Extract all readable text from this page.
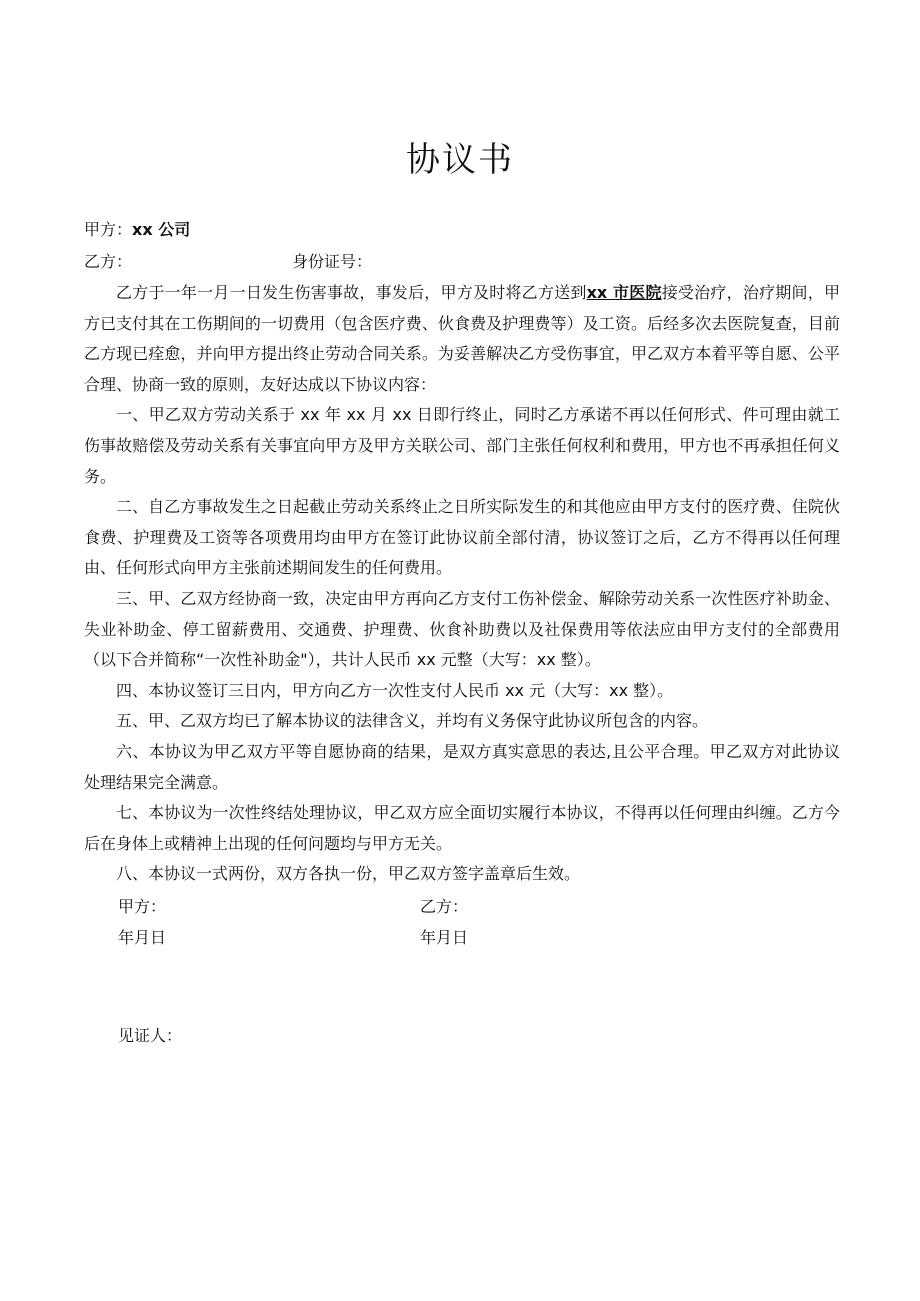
协议书
甲方：xx 公司
乙方：	身份证号：

乙方于一年一月一日发生伤害事故，事发后，甲方及时将乙方送到xx 市医院接受治疗，治疗期间，甲方已支付其在工伤期间的一切费用（包含医疗费、伙食费及护理费等）及工资。后经多次去医院复查，目前乙方现已痊愈，并向甲方提出终止劳动合同关系。为妥善解决乙方受伤事宜，甲乙双方本着平等自愿、公平合理、协商一致的原则，友好达成以下协议内容：

一、甲乙双方劳动关系于 xx 年 xx 月 xx 日即行终止，同时乙方承诺不再以任何形式、件可理由就工伤事故赔偿及劳动关系有关事宜向甲方及甲方关联公司、部门主张任何权利和费用，甲方也不再承担任何义务。

二、自乙方事故发生之日起截止劳动关系终止之日所实际发生的和其他应由甲方支付的医疗费、住院伙食费、护理费及工资等各项费用均由甲方在签订此协议前全部付清，协议签订之后，乙方不得再以任何理由、任何形式向甲方主张前述期间发生的任何费用。

三、甲、乙双方经协商一致，决定由甲方再向乙方支付工伤补偿金、解除劳动关系一次性医疗补助金、失业补助金、停工留薪费用、交通费、护理费、伙食补助费以及社保费用等依法应由甲方支付的全部费用（以下合并简称“一次性补助金"），共计人民币 xx 元整（大写：xx 整）。

四、本协议签订三日内，甲方向乙方一次性支付人民币 xx 元（大写：xx 整）。

五、甲、乙双方均已了解本协议的法律含义，并均有义务保守此协议所包含的内容。

六、本协议为甲乙双方平等自愿协商的结果，是双方真实意思的表达,且公平合理。甲乙双方对此协议处理结果完全满意。

七、本协议为一次性终结处理协议，甲乙双方应全面切实履行本协议，不得再以任何理由纠缠。乙方今后在身体上或精神上出现的任何问题均与甲方无关。

八、本协议一式两份，双方各执一份，甲乙双方签字盖章后生效。

甲方：	乙方：
年月日	年月日
见证人：
